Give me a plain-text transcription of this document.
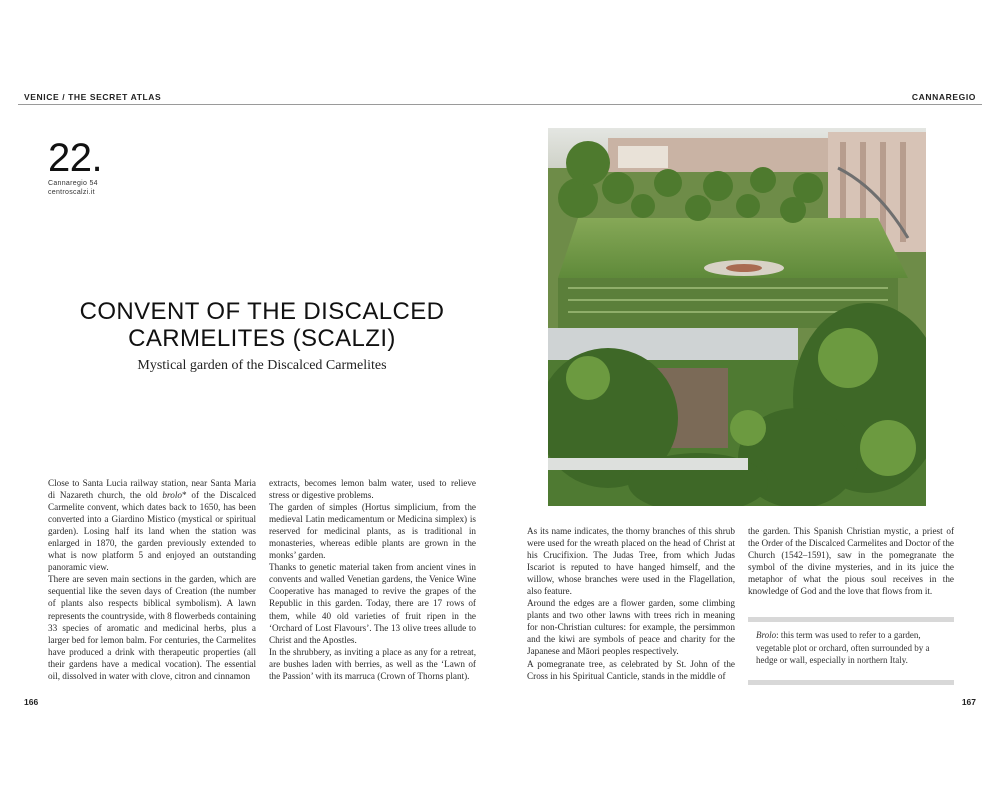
VENICE / THE SECRET ATLAS	CANNAREGIO
22.
Cannaregio 54
centroscalzi.it
CONVENT OF THE DISCALCED
CARMELITES (SCALZI)
Mystical garden of the Discalced Carmelites

Close to Santa Lucia railway station, near Santa Maria di Nazareth church, the old brolo* of the Discalced Carmelite convent, which dates back to 1650, has been converted into a Giardino Mistico (mystical or spiritual garden). Losing half its land when the station was enlarged in 1870, the garden previously extended to what is now platform 5 and enjoyed an outstanding panoramic view.

There are seven main sections in the garden, which are sequential like the seven days of Creation (the number of plants also respects biblical symbolism). A lawn represents the countryside, with 8 flowerbeds containing 33 species of aromatic and medicinal herbs, plus a larger bed for lemon balm. For centuries, the Carmelites have produced a drink with therapeutic properties (all their gardens have a medical vocation). The essential oil, dissolved in water with clove, citron and cinnamon

extracts, becomes lemon balm water, used to relieve stress or digestive problems.

The garden of simples (Hortus simplicium, from the medieval Latin medicamentum or Medicina simplex) is reserved for medicinal plants, as is traditional in monasteries, whereas edible plants are grown in the monks’ garden.

Thanks to genetic material taken from ancient vines in convents and walled Venetian gardens, the Venice Wine Cooperative has managed to revive the grapes of the Republic in this garden. Today, there are 17 rows of them, while 40 old varieties of fruit ripen in the ‘Orchard of Lost Flavours’. The 13 olive trees allude to Christ and the Apostles.

In the shrubbery, as inviting a place as any for a retreat, are bushes laden with berries, as well as the ‘Lawn of the Passion’ with its marruca (Crown of Thorns plant).

As its name indicates, the thorny branches of this shrub were used for the wreath placed on the head of Christ at his Crucifixion. The Judas Tree, from which Judas Iscariot is reputed to have hanged himself, and the willow, whose branches were used in the Flagellation, also feature.

Around the edges are a flower garden, some climbing plants and two other lawns with trees rich in meaning for non-Christian cultures: for example, the persimmon and the kiwi are symbols of peace and charity for the Japanese and Māori peoples respectively.

A pomegranate tree, as celebrated by St. John of the Cross in his Spiritual Canticle, stands in the middle of

the garden. This Spanish Christian mystic, a priest of the Order of the Discalced Carmelites and Doctor of the Church (1542–1591), saw in the pomegranate the symbol of the divine mysteries, and in its juice the metaphor of what the pious soul receives in the knowledge of God and the love that flows from it.

Brolo: this term was used to refer to a garden, vegetable plot or orchard, often surrounded by a hedge or wall, especially in northern Italy.
166	167
